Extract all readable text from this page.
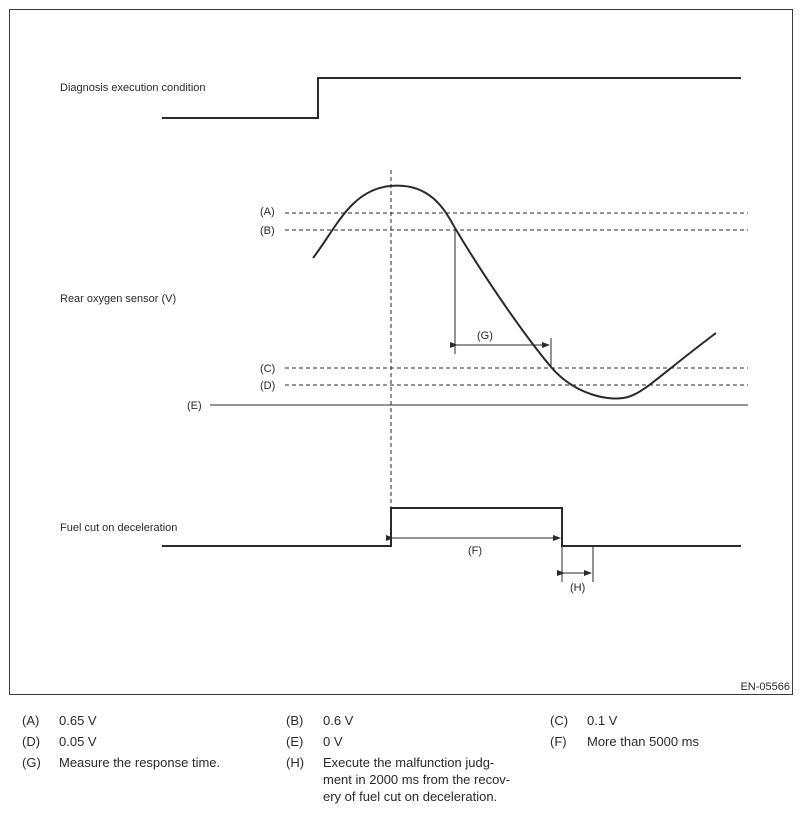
Diagnosis execution condition
Rear oxygen sensor (V)
(A)
(B)
(C)
(D)
(E)
(G)
Fuel cut on deceleration
(F)
(H)
EN-05566
(A)	0.65 V	(B)	0.6 V	(C)	0.1 V
(D)	0.05 V	(E)	0 V	(F)	More than 5000 ms
(G)	Measure the response time.	(H)	Execute the malfunction judg-
ment in 2000 ms from the recov-
ery of fuel cut on deceleration.
